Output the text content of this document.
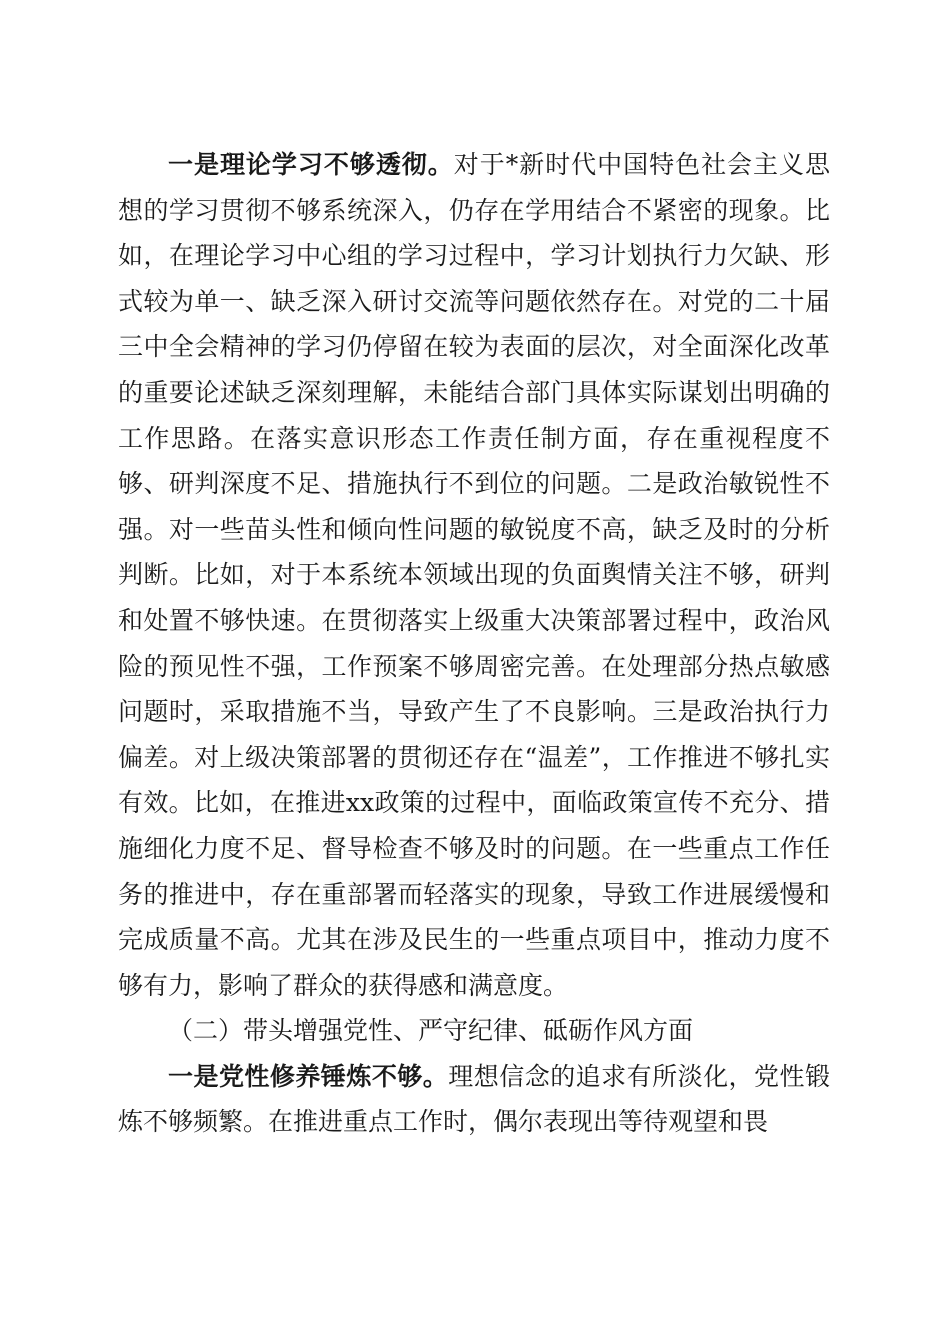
一是理论学习不够透彻。对于*新时代中国特色社会主义思想的学习贯彻不够系统深入，仍存在学用结合不紧密的现象。比如，在理论学习中心组的学习过程中，学习计划执行力欠缺、形式较为单一、缺乏深入研讨交流等问题依然存在。对党的二十届三中全会精神的学习仍停留在较为表面的层次，对全面深化改革的重要论述缺乏深刻理解，未能结合部门具体实际谋划出明确的工作思路。在落实意识形态工作责任制方面，存在重视程度不够、研判深度不足、措施执行不到位的问题。二是政治敏锐性不强。对一些苗头性和倾向性问题的敏锐度不高，缺乏及时的分析判断。比如，对于本系统本领域出现的负面舆情关注不够，研判和处置不够快速。在贯彻落实上级重大决策部署过程中，政治风险的预见性不强，工作预案不够周密完善。在处理部分热点敏感问题时，采取措施不当，导致产生了不良影响。三是政治执行力偏差。对上级决策部署的贯彻还存在“温差”，工作推进不够扎实有效。比如，在推进xx政策的过程中，面临政策宣传不充分、措施细化力度不足、督导检查不够及时的问题。在一些重点工作任务的推进中，存在重部署而轻落实的现象，导致工作进展缓慢和完成质量不高。尤其在涉及民生的一些重点项目中，推动力度不够有力，影响了群众的获得感和满意度。

（二）带头增强党性、严守纪律、砥砺作风方面

一是党性修养锤炼不够。理想信念的追求有所淡化，党性锻炼不够频繁。在推进重点工作时，偶尔表现出等待观望和畏
